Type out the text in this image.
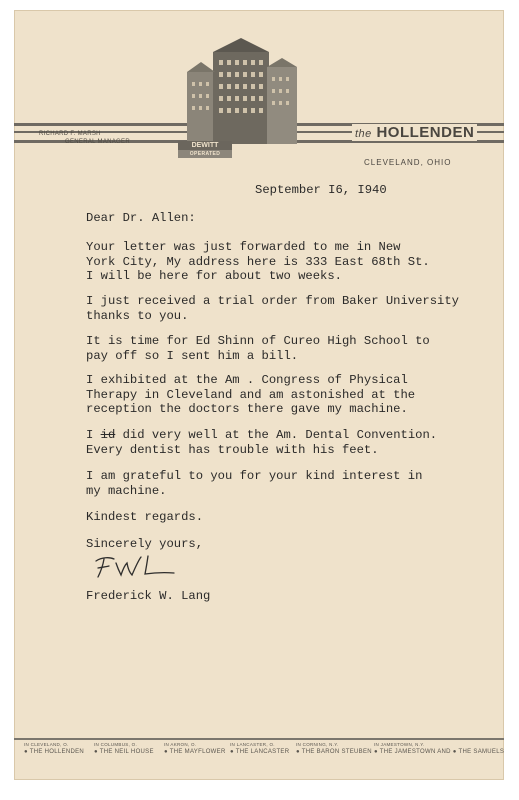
RICHARD F. MARSH
GENERAL MANAGER	DEWITT
OPERATED
the HOLLENDEN
CLEVELAND, OHIO
September I6, I940

Dear Dr. Allen:

Your letter was just forwarded to me in New
York City, My address here is 333 East 68th St.
I will be here for about two weeks.

I just received a trial order from Baker University
thanks to you.

It is time for Ed Shinn of Cureo High School to
pay off so I sent him a bill.

I exhibited at the Am . Congress of Physical
Therapy in Cleveland and am astonished at the
reception the doctors there gave my machine.

I id did very well at the Am. Dental Convention.
Every dentist has trouble with his feet.

I am grateful to you for your kind interest in
my machine.

Kindest regards.

Sincerely yours,

Frederick W. Lang

IN CLEVELAND, O.
● THE HOLLENDEN
IN COLUMBUS, O.
● THE NEIL HOUSE
IN AKRON, O.
● THE MAYFLOWER
IN LANCASTER, O.
● THE LANCASTER
IN CORNING, N.Y.
● THE BARON STEUBEN
IN JAMESTOWN, N.Y.
● THE JAMESTOWN AND ● THE SAMUELS
